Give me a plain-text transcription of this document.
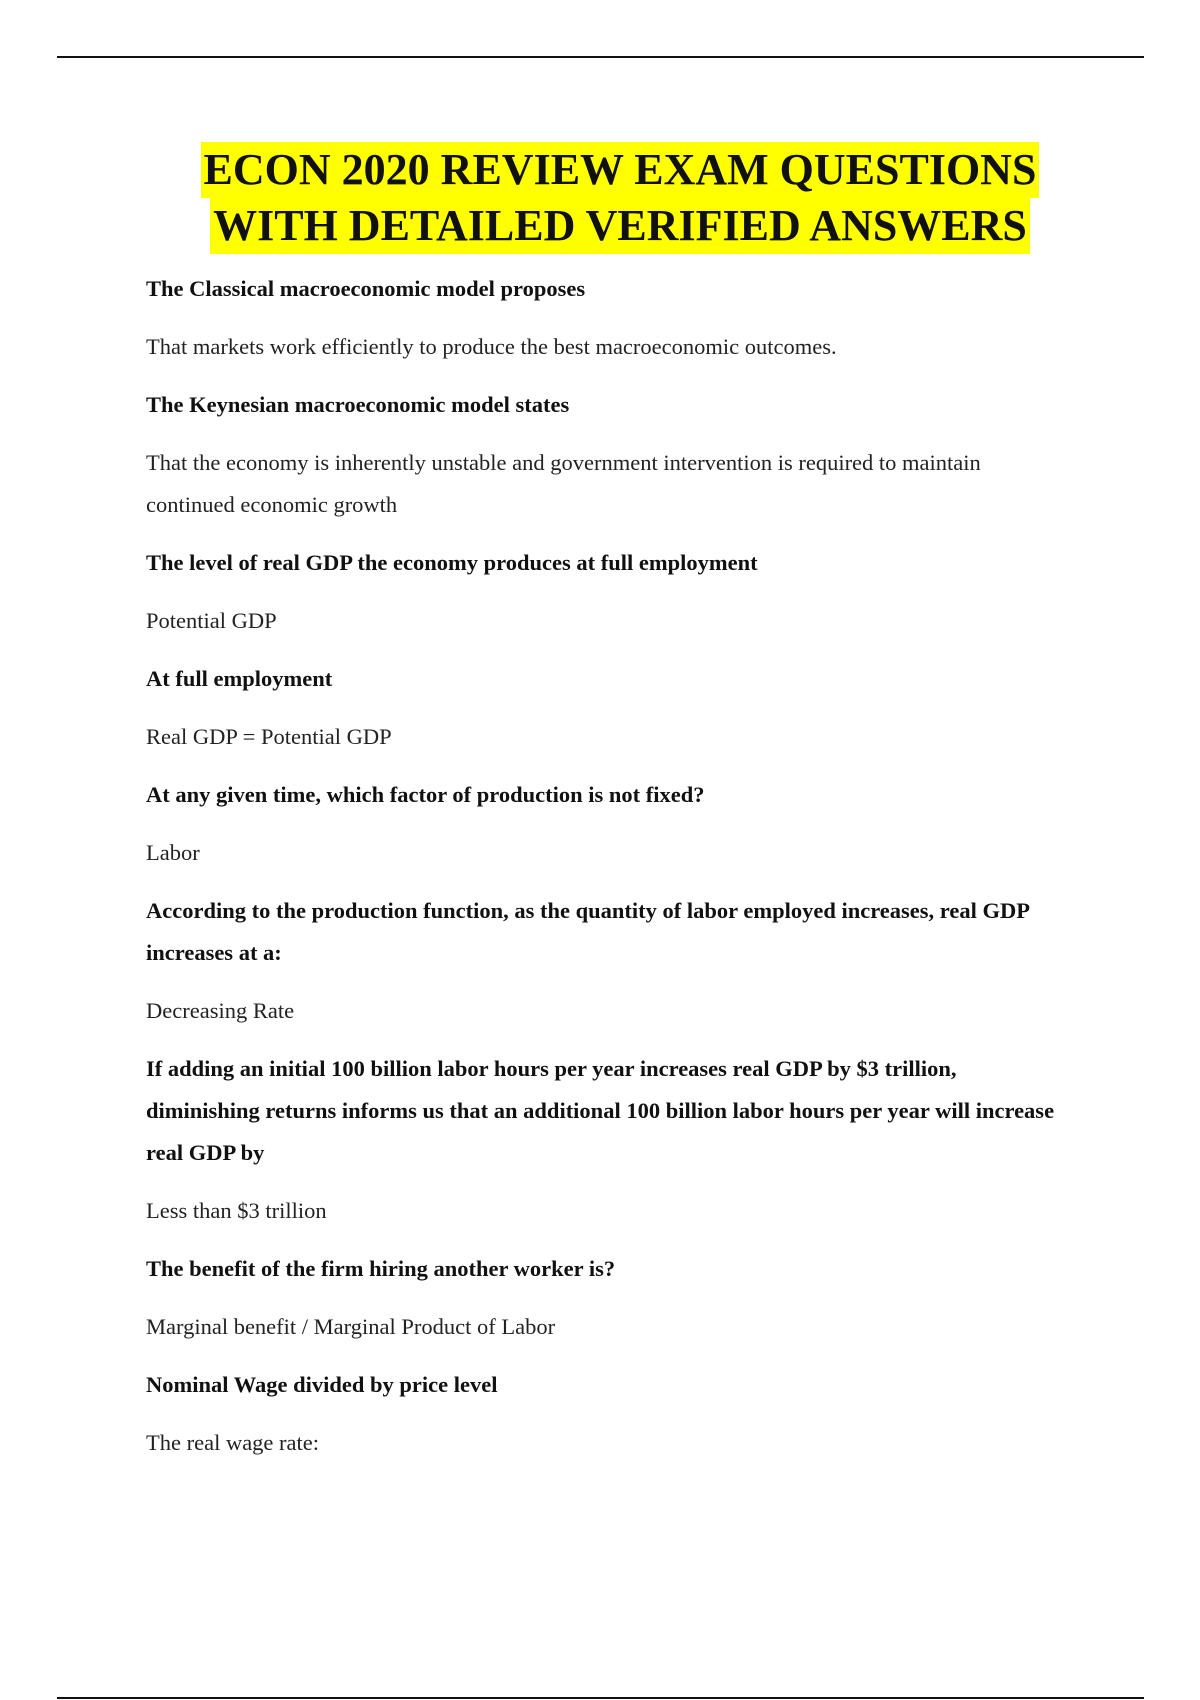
ECON 2020 REVIEW EXAM QUESTIONS
WITH DETAILED VERIFIED ANSWERS

The Classical macroeconomic model proposes

That markets work efficiently to produce the best macroeconomic outcomes.

The Keynesian macroeconomic model states

That the economy is inherently unstable and government intervention is required to maintain continued economic growth

The level of real GDP the economy produces at full employment

Potential GDP

At full employment

Real GDP = Potential GDP

At any given time, which factor of production is not fixed?

Labor

According to the production function, as the quantity of labor employed increases, real GDP increases at a:

Decreasing Rate

If adding an initial 100 billion labor hours per year increases real GDP by $3 trillion, diminishing returns informs us that an additional 100 billion labor hours per year will increase real GDP by

Less than $3 trillion

The benefit of the firm hiring another worker is?

Marginal benefit / Marginal Product of Labor

Nominal Wage divided by price level

The real wage rate:
